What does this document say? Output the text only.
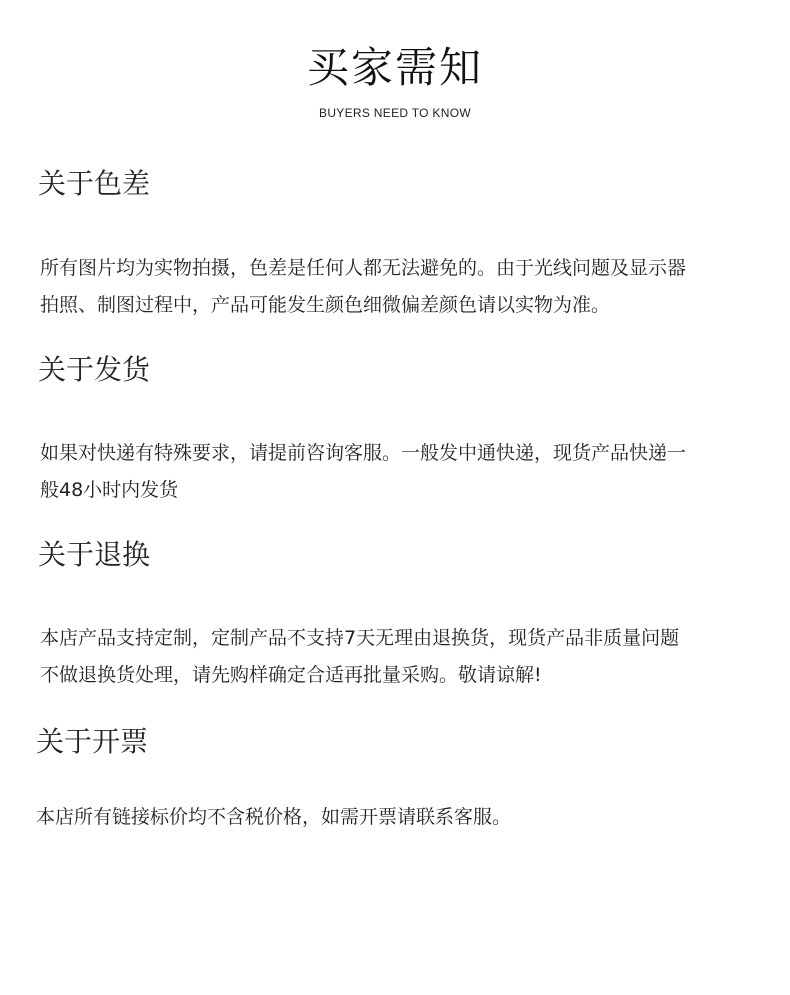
买家需知
BUYERS NEED TO KNOW
关于色差

所有图片均为实物拍摄，色差是任何人都无法避免的。由于光线问题及显示器

拍照、制图过程中，产品可能发生颜色细微偏差颜色请以实物为准。

关于发货

如果对快递有特殊要求，请提前咨询客服。一般发中通快递，现货产品快递一

般48小时内发货

关于退换

本店产品支持定制，定制产品不支持7天无理由退换货，现货产品非质量问题

不做退换货处理，请先购样确定合适再批量采购。敬请谅解!

关于开票

本店所有链接标价均不含税价格，如需开票请联系客服。
